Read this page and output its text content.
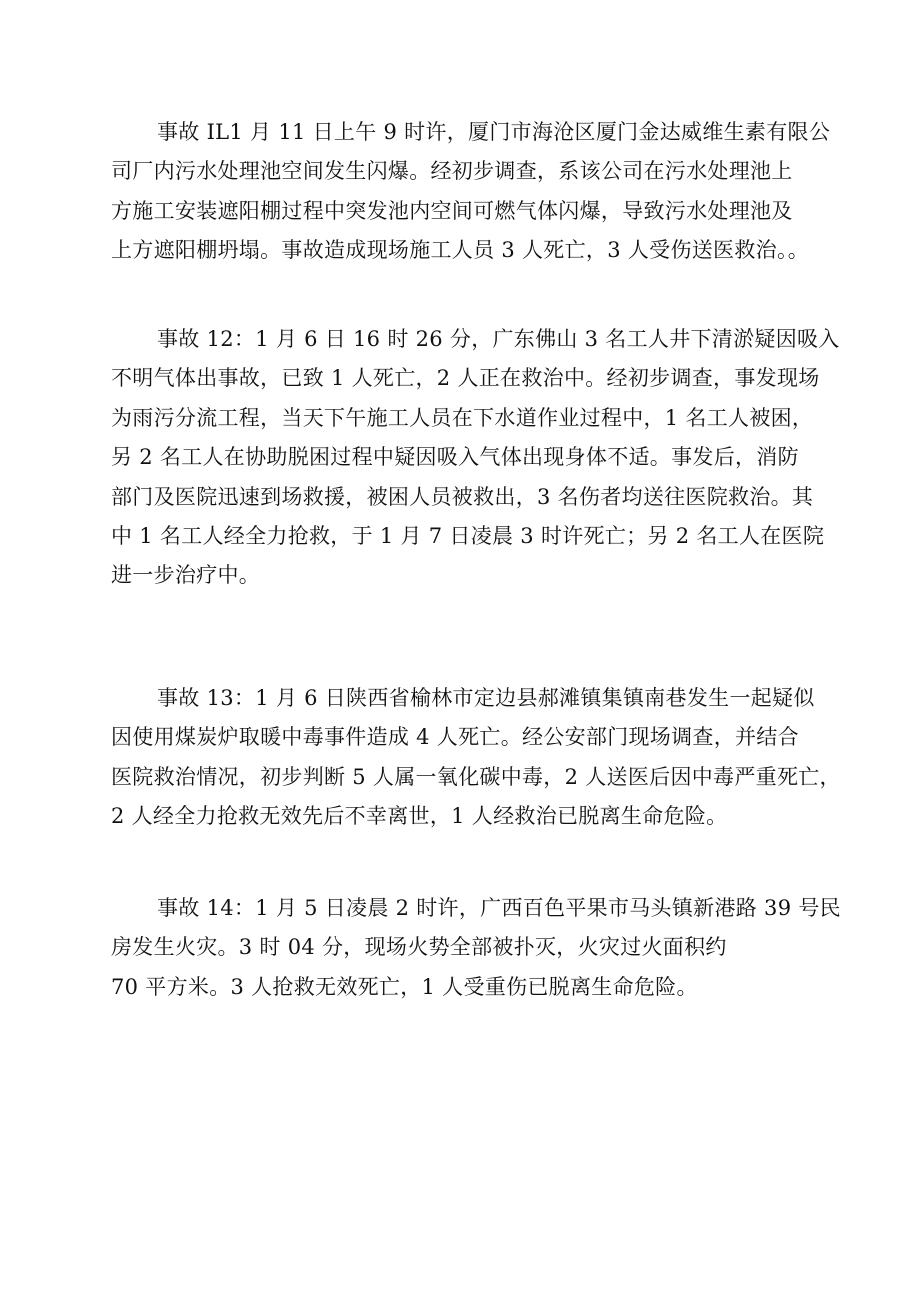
事故 IL1 月 11 日上午 9 时许，厦门市海沧区厦门金达威维生素有限公
司厂内污水处理池空间发生闪爆。经初步调查，系该公司在污水处理池上
方施工安装遮阳棚过程中突发池内空间可燃气体闪爆，导致污水处理池及
上方遮阳棚坍塌。事故造成现场施工人员 3 人死亡，3 人受伤送医救治。。

事故 12：1 月 6 日 16 时 26 分，广东佛山 3 名工人井下清淤疑因吸入
不明气体出事故，已致 1 人死亡，2 人正在救治中。经初步调查，事发现场
为雨污分流工程，当天下午施工人员在下水道作业过程中，1 名工人被困，
另 2 名工人在协助脱困过程中疑因吸入气体出现身体不适。事发后，消防
部门及医院迅速到场救援，被困人员被救出，3 名伤者均送往医院救治。其
中 1 名工人经全力抢救，于 1 月 7 日凌晨 3 时许死亡；另 2 名工人在医院
进一步治疗中。

事故 13：1 月 6 日陕西省榆林市定边县郝滩镇集镇南巷发生一起疑似
因使用煤炭炉取暖中毒事件造成 4 人死亡。经公安部门现场调查，并结合
医院救治情况，初步判断 5 人属一氧化碳中毒，2 人送医后因中毒严重死亡，
2 人经全力抢救无效先后不幸离世，1 人经救治已脱离生命危险。

事故 14：1 月 5 日凌晨 2 时许，广西百色平果市马头镇新港路 39 号民
房发生火灾。3 时 04 分，现场火势全部被扑灭，火灾过火面积约
70 平方米。3 人抢救无效死亡，1 人受重伤已脱离生命危险。
